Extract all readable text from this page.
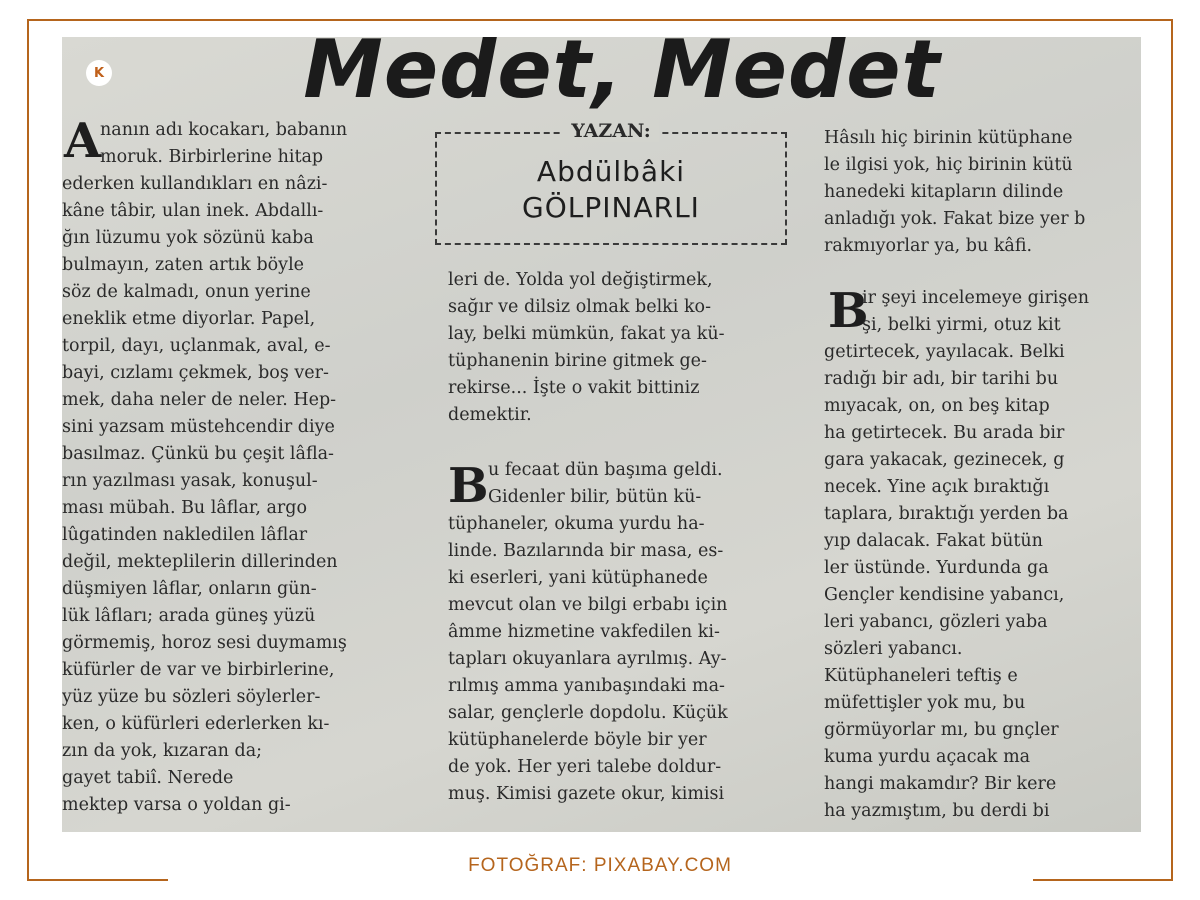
K	Medet, Medet
A
nanın adı kocakarı, babanın
moruk. Birbirlerine hitap
ederken kullandıkları en nâzi-
kâne tâbir, ulan inek. Abdallı-
ğın lüzumu yok sözünü kaba
bulmayın, zaten artık böyle
söz de kalmadı, onun yerine
eneklik etme diyorlar. Papel,
torpil, dayı, uçlanmak, aval, e-
bayi, cızlamı çekmek, boş ver-
mek, daha neler de neler. Hep-
sini yazsam müstehcendir diye
basılmaz. Çünkü bu çeşit lâfla-
rın yazılması yasak, konuşul-
ması mübah. Bu lâflar, argo
lûgatinden nakledilen lâflar
değil, mekteplilerin dillerinden
düşmiyen lâflar, onların gün-
lük lâfları; arada güneş yüzü
görmemiş, horoz sesi duymamış
küfürler de var ve birbirlerine,
yüz yüze bu sözleri söylerler-
ken, o küfürleri ederlerken kı-
zın da yok, kızaran da;
gayet tabiî. Nerede
mektep varsa o yoldan gi-
YAZAN:
Abdülbâki
GÖLPINARLI
leri de. Yolda yol değiştirmek,
sağır ve dilsiz olmak belki ko-
lay, belki mümkün, fakat ya kü-
tüphanenin birine gitmek ge-
rekirse... İşte o vakit bittiniz
demektir.
B u fecaat dün başıma geldi.
Gidenler bilir, bütün kü-
tüphaneler, okuma yurdu ha-
linde. Bazılarında bir masa, es-
ki eserleri, yani kütüphanede
mevcut olan ve bilgi erbabı için
âmme hizmetine vakfedilen ki-
tapları okuyanlara ayrılmış. Ay-
rılmış amma yanıbaşındaki ma-
salar, gençlerle dopdolu. Küçük
kütüphanelerde böyle bir yer
de yok. Her yeri talebe doldur-
muş. Kimisi gazete okur, kimisi
Hâsılı hiç birinin kütüphane
le ilgisi yok, hiç birinin kütü
hanedeki kitapların dilinde
anladığı yok. Fakat bize yer b
rakmıyorlar ya, bu kâfi.
B
ir şeyi incelemeye girişen
şi, belki yirmi, otuz kit
getirtecek, yayılacak. Belki
radığı bir adı, bir tarihi bu
mıyacak, on, on beş kitap
ha getirtecek. Bu arada bir
gara yakacak, gezinecek, g
necek. Yine açık bıraktığı
taplara, bıraktığı yerden ba
yıp dalacak. Fakat bütün
ler üstünde. Yurdunda ga
Gençler kendisine yabancı,
leri yabancı, gözleri yaba
sözleri yabancı.
Kütüphaneleri teftiş e
müfettişler yok mu, bu
görmüyorlar mı, bu gnçler
kuma yurdu açacak ma
hangi makamdır? Bir kere
ha yazmıştım, bu derdi bi
FOTOĞRAF: PIXABAY.COM
